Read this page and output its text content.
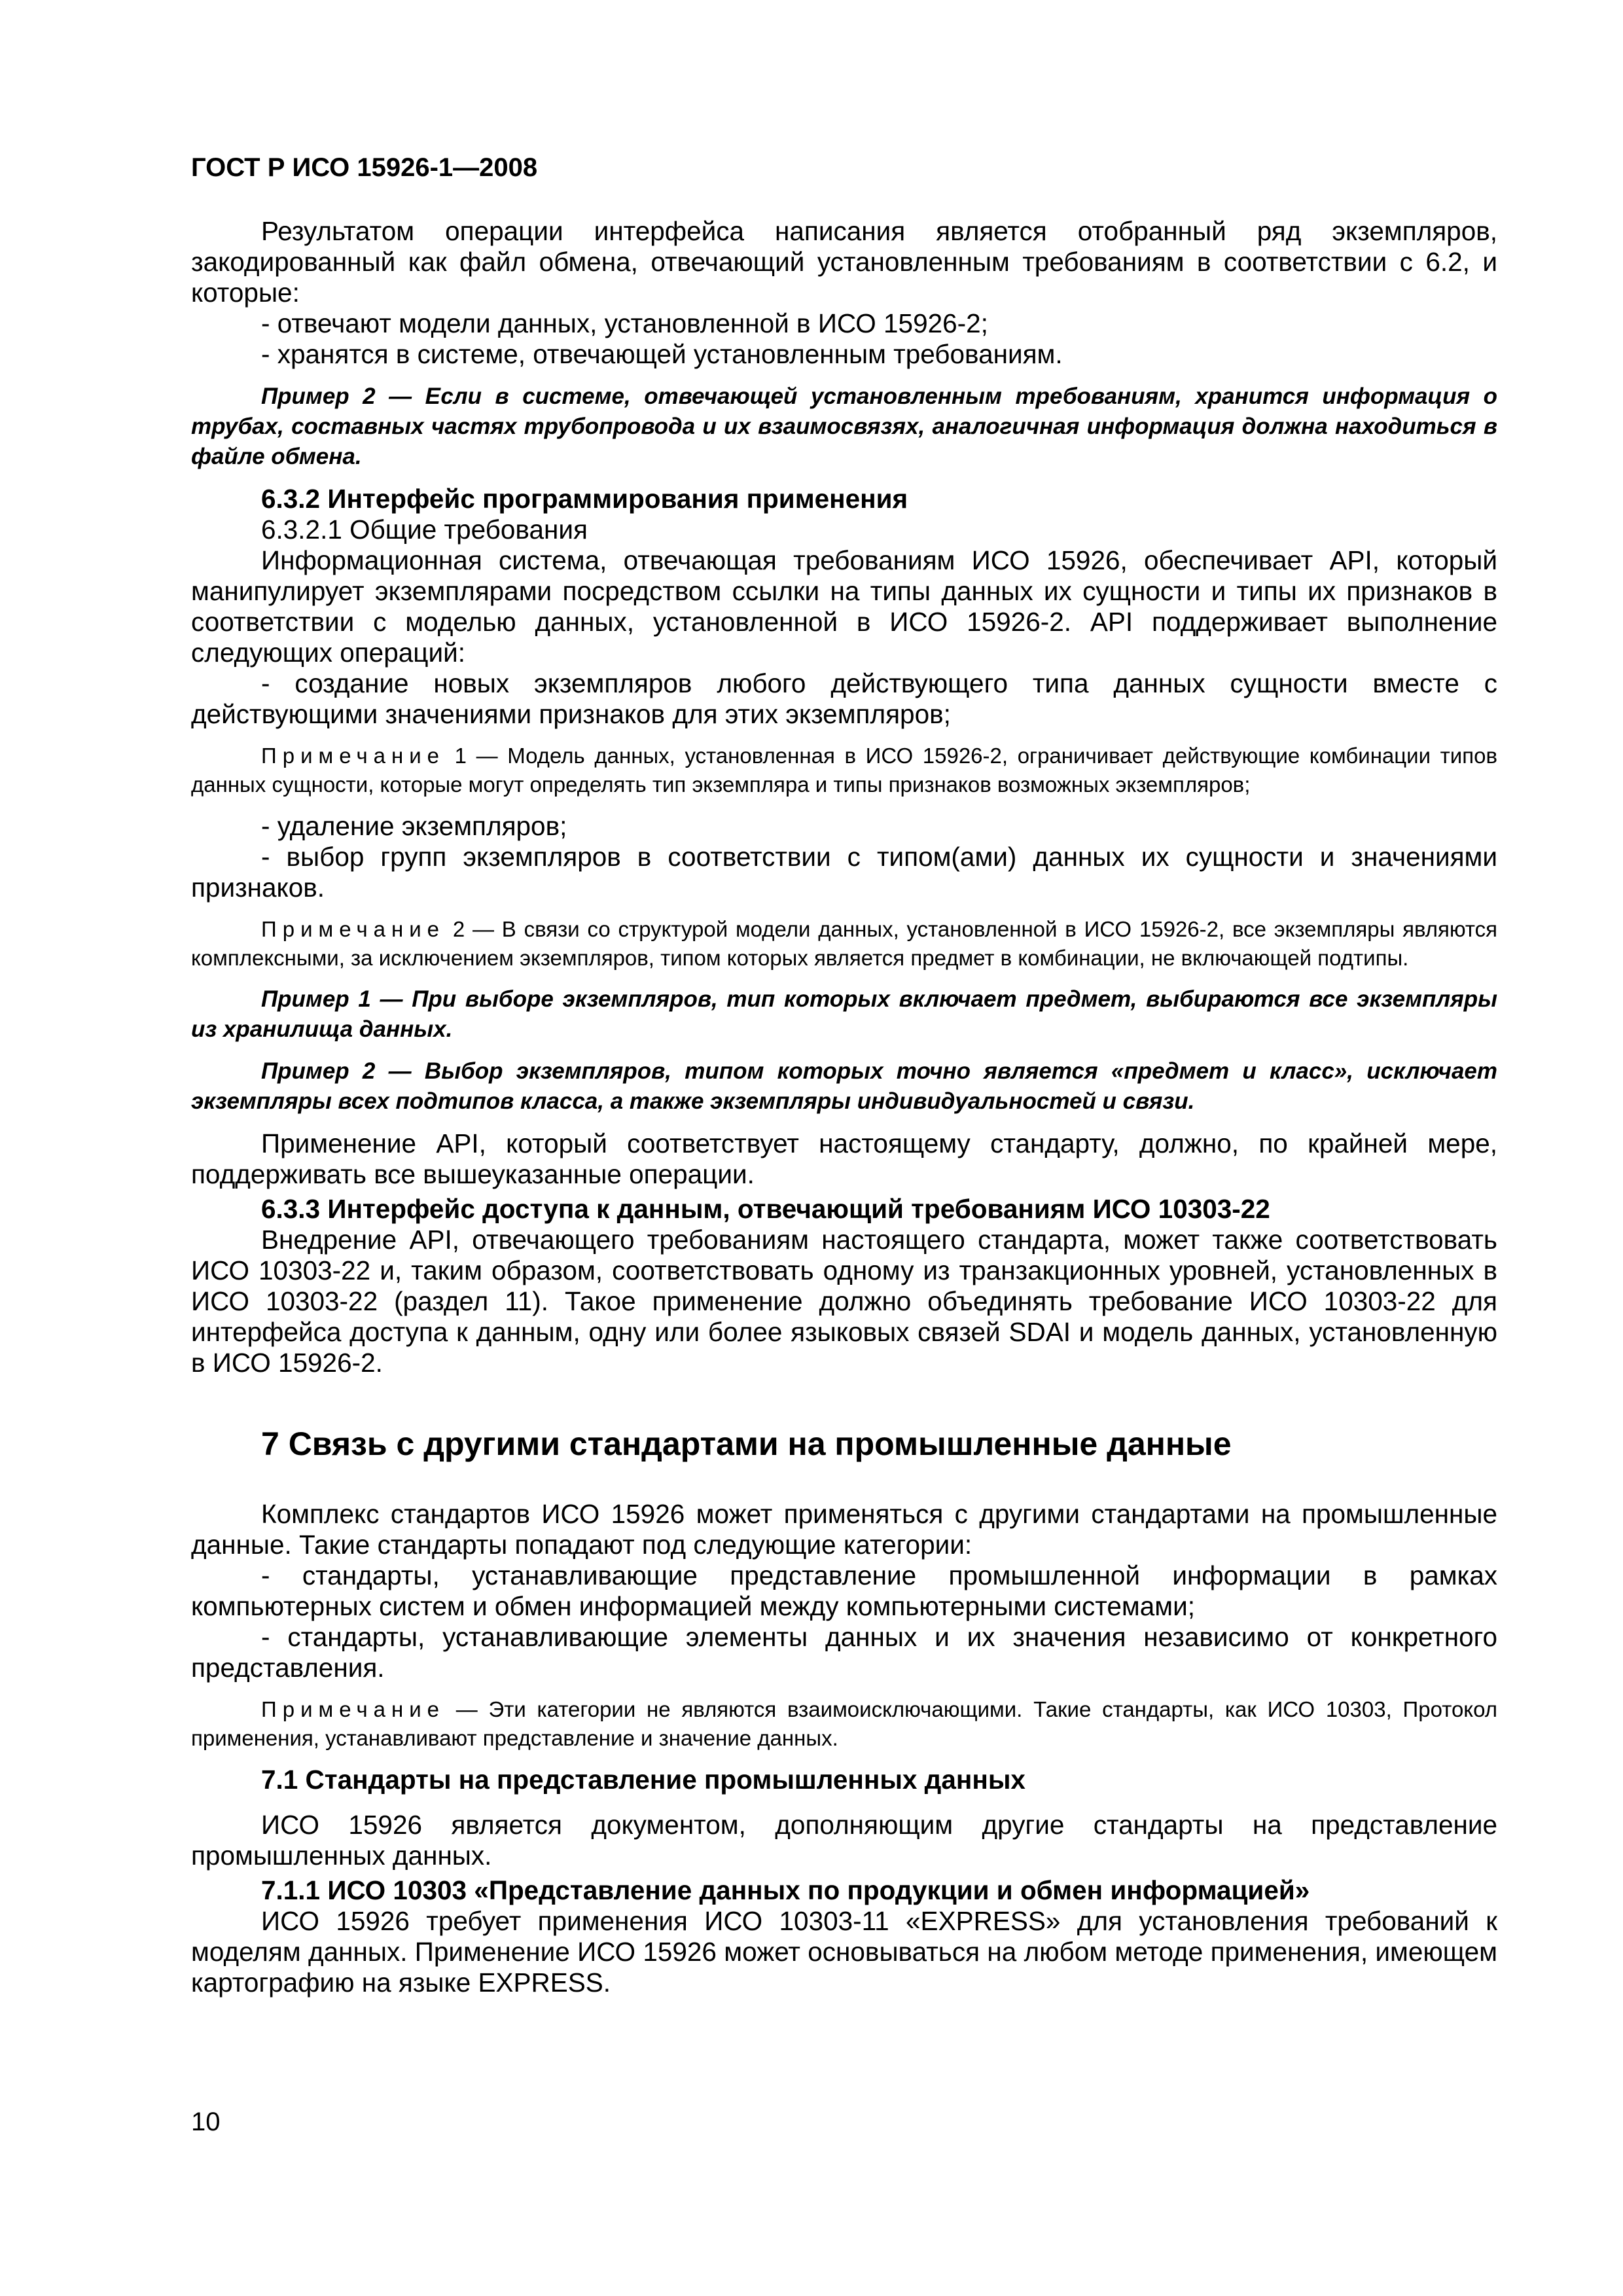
ГОСТ Р ИСО 15926-1—2008

Результатом операции интерфейса написания является отобранный ряд экземпляров, закодированный как файл обмена, отвечающий установленным требованиям в соответствии с 6.2, и которые:

- отвечают модели данных, установленной в ИСО 15926-2;

- хранятся в системе, отвечающей установленным требованиям.

Пример 2 — Если в системе, отвечающей установленным требованиям, хранится информация о трубах, составных частях трубопровода и их взаимосвязях, аналогичная информация должна находиться в файле обмена.

6.3.2 Интерфейс программирования применения

6.3.2.1 Общие требования

Информационная система, отвечающая требованиям ИСО 15926, обеспечивает API, который манипулирует экземплярами посредством ссылки на типы данных их сущности и типы их признаков в соответствии с моделью данных, установленной в ИСО 15926-2. API поддерживает выполнение следующих операций:

- создание новых экземпляров любого действующего типа данных сущности вместе с действующими значениями признаков для этих экземпляров;

Примечание 1 — Модель данных, установленная в ИСО 15926-2, ограничивает действующие комбинации типов данных сущности, которые могут определять тип экземпляра и типы признаков возможных экземпляров;

- удаление экземпляров;

- выбор групп экземпляров в соответствии с типом(ами) данных их сущности и значениями признаков.

Примечание 2 — В связи со структурой модели данных, установленной в ИСО 15926-2, все экземпляры являются комплексными, за исключением экземпляров, типом которых является предмет в комбинации, не включающей подтипы.

Пример 1 — При выборе экземпляров, тип которых включает предмет, выбираются все экземпляры из хранилища данных.

Пример 2 — Выбор экземпляров, типом которых точно является «предмет и класс», исключает экземпляры всех подтипов класса, а также экземпляры индивидуальностей и связи.

Применение API, который соответствует настоящему стандарту, должно, по крайней мере, поддерживать все вышеуказанные операции.

6.3.3 Интерфейс доступа к данным, отвечающий требованиям ИСО 10303-22

Внедрение API, отвечающего требованиям настоящего стандарта, может также соответствовать ИСО 10303-22 и, таким образом, соответствовать одному из транзакционных уровней, установленных в ИСО 10303-22 (раздел 11). Такое применение должно объединять требование ИСО 10303-22 для интерфейса доступа к данным, одну или более языковых связей SDAI и модель данных, установленную в ИСО 15926-2.

7 Связь с другими стандартами на промышленные данные

Комплекс стандартов ИСО 15926 может применяться с другими стандартами на промышленные данные. Такие стандарты попадают под следующие категории:

- стандарты, устанавливающие представление промышленной информации в рамках компьютерных систем и обмен информацией между компьютерными системами;

- стандарты, устанавливающие элементы данных и их значения независимо от конкретного представления.

Примечание — Эти категории не являются взаимоисключающими. Такие стандарты, как ИСО 10303, Протокол применения, устанавливают представление и значение данных.

7.1 Стандарты на представление промышленных данных

ИСО 15926 является документом, дополняющим другие стандарты на представление промышленных данных.

7.1.1 ИСО 10303 «Представление данных по продукции и обмен информацией»

ИСО 15926 требует применения ИСО 10303-11 «EXPRESS» для установления требований к моделям данных. Применение ИСО 15926 может основываться на любом методе применения, имеющем картографию на языке EXPRESS.

10
